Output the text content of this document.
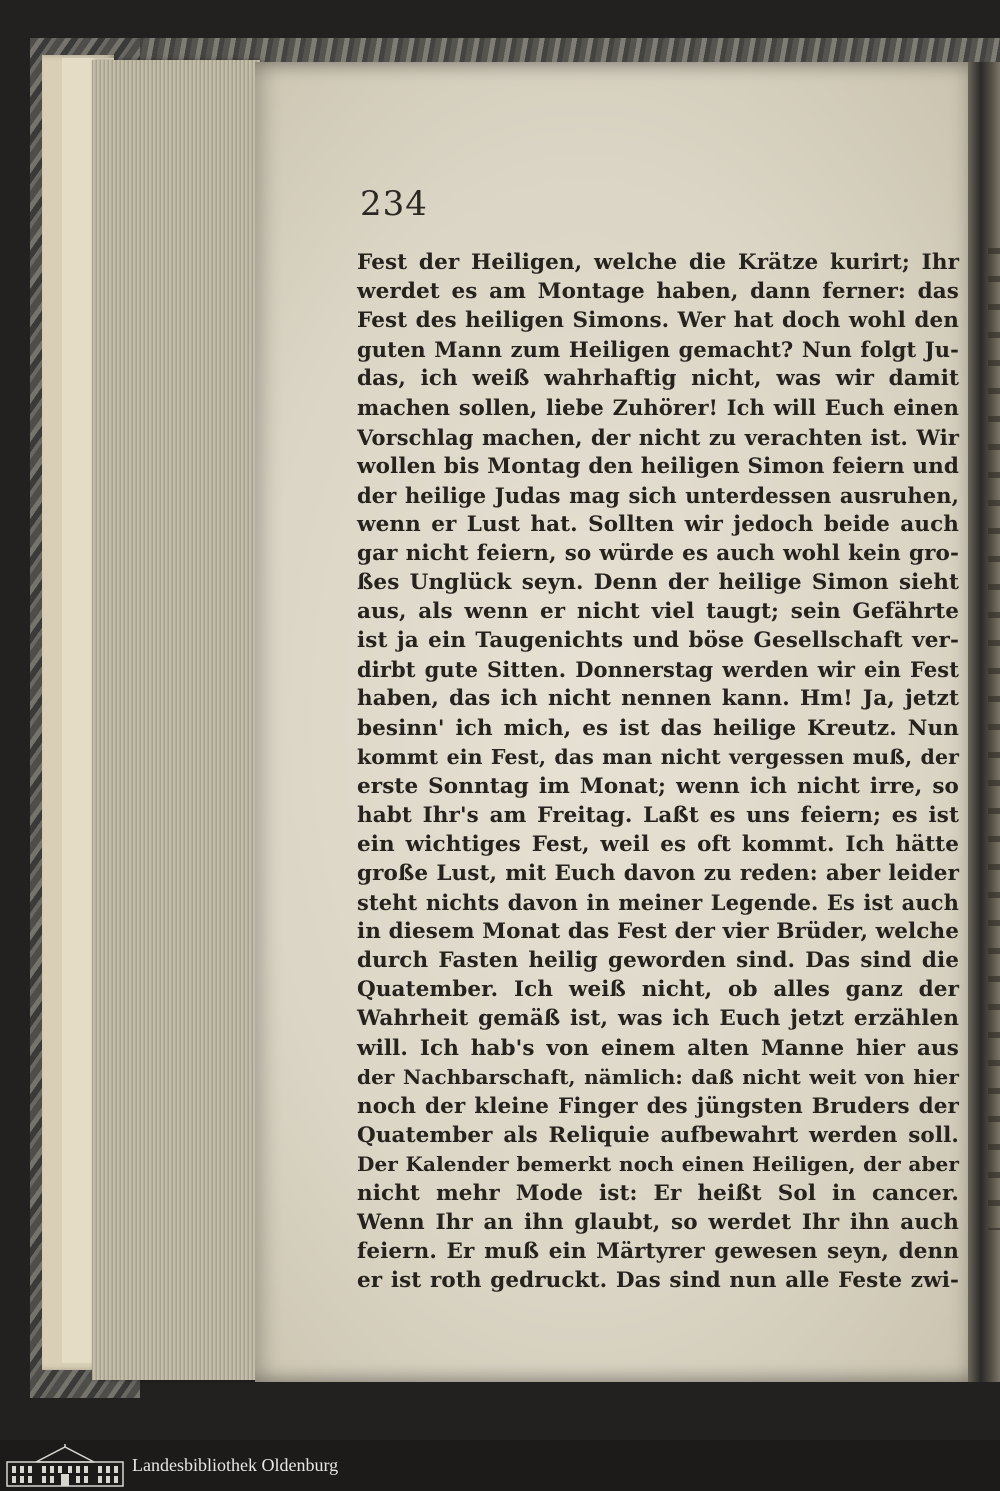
234
Fest der Heiligen, welche die Krätze kurirt; Ihr
werdet es am Montage haben, dann ferner: das
Fest des heiligen Simons. Wer hat doch wohl den
guten Mann zum Heiligen gemacht? Nun folgt Ju-
das, ich weiß wahrhaftig nicht, was wir damit
machen sollen, liebe Zuhörer! Ich will Euch einen
Vorschlag machen, der nicht zu verachten ist. Wir
wollen bis Montag den heiligen Simon feiern und
der heilige Judas mag sich unterdessen ausruhen,
wenn er Lust hat. Sollten wir jedoch beide auch
gar nicht feiern, so würde es auch wohl kein gro-
ßes Unglück seyn. Denn der heilige Simon sieht
aus, als wenn er nicht viel taugt; sein Gefährte
ist ja ein Taugenichts und böse Gesellschaft ver-
dirbt gute Sitten. Donnerstag werden wir ein Fest
haben, das ich nicht nennen kann. Hm! Ja, jetzt
besinn' ich mich, es ist das heilige Kreutz. Nun
kommt ein Fest, das man nicht vergessen muß, der
erste Sonntag im Monat; wenn ich nicht irre, so
habt Ihr's am Freitag. Laßt es uns feiern; es ist
ein wichtiges Fest, weil es oft kommt. Ich hätte
große Lust, mit Euch davon zu reden: aber leider
steht nichts davon in meiner Legende. Es ist auch
in diesem Monat das Fest der vier Brüder, welche
durch Fasten heilig geworden sind. Das sind die
Quatember. Ich weiß nicht, ob alles ganz der
Wahrheit gemäß ist, was ich Euch jetzt erzählen
will. Ich hab's von einem alten Manne hier aus
der Nachbarschaft, nämlich: daß nicht weit von hier
noch der kleine Finger des jüngsten Bruders der
Quatember als Reliquie aufbewahrt werden soll.
Der Kalender bemerkt noch einen Heiligen, der aber
nicht mehr Mode ist: Er heißt Sol in cancer.
Wenn Ihr an ihn glaubt, so werdet Ihr ihn auch
feiern. Er muß ein Märtyrer gewesen seyn, denn
er ist roth gedruckt. Das sind nun alle Feste zwi-
Landesbibliothek Oldenburg
